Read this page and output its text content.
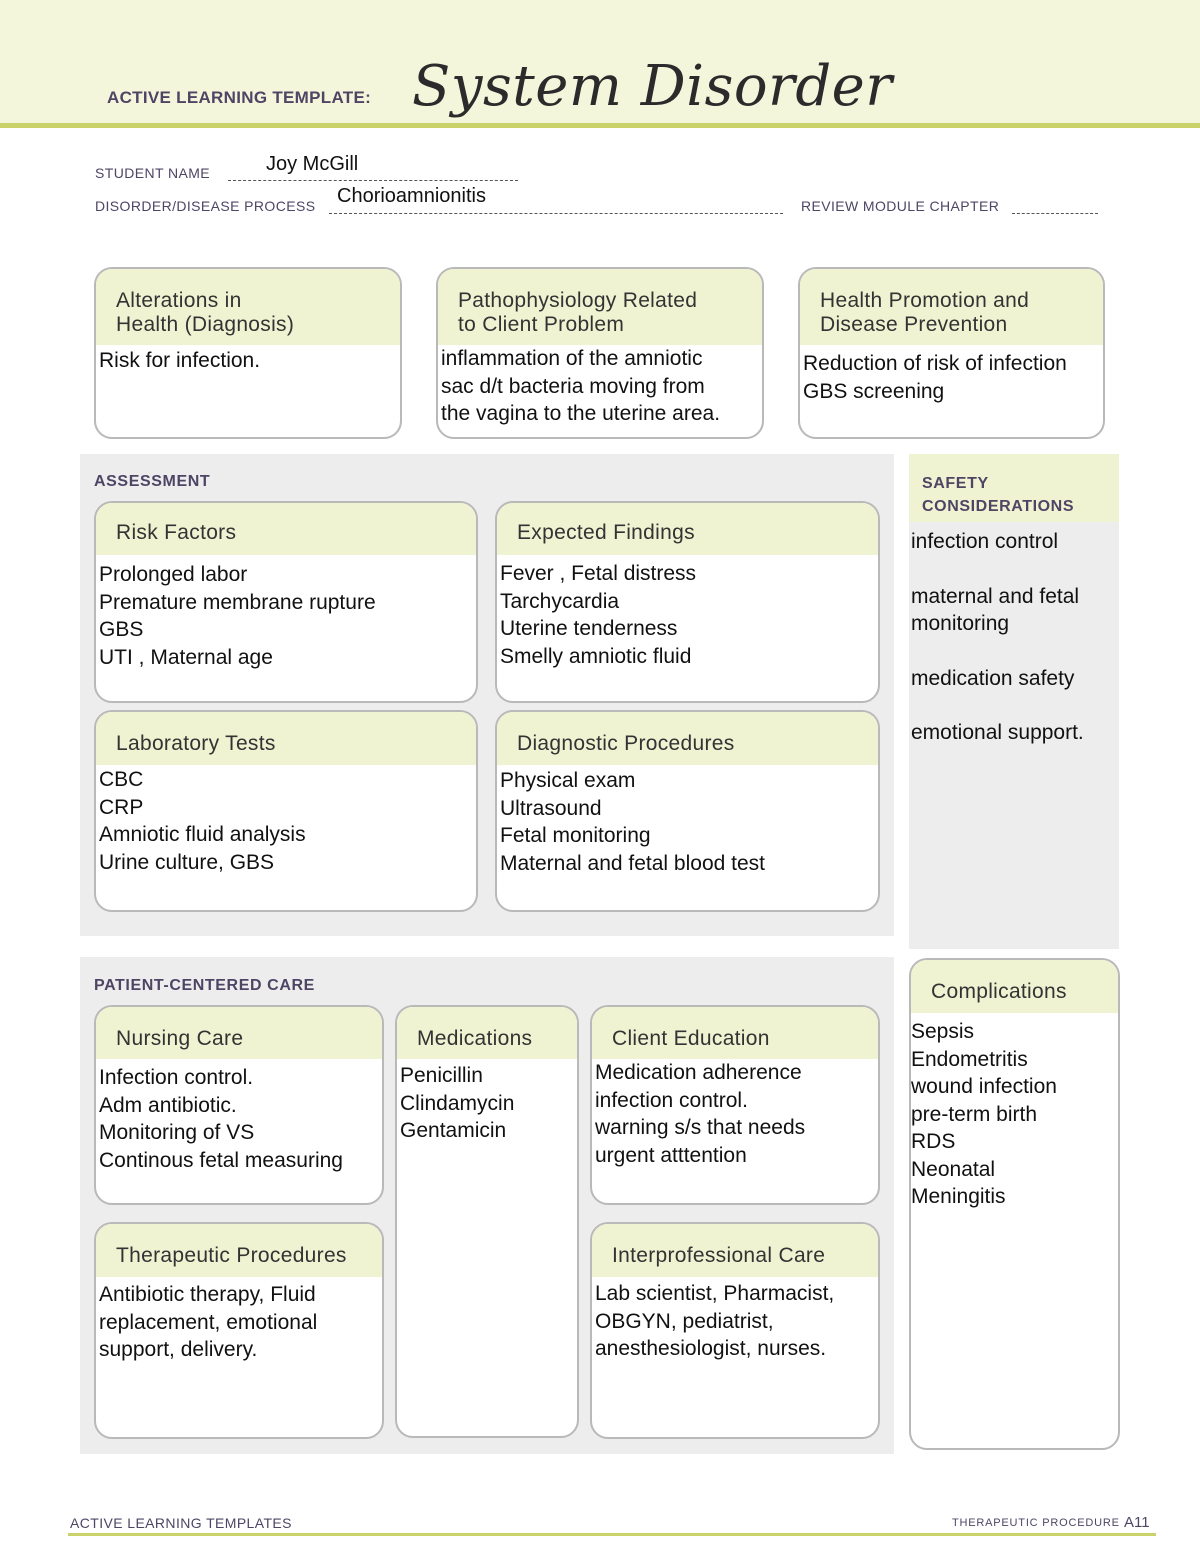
ACTIVE LEARNING TEMPLATE: System Disorder
STUDENT NAME	Joy McGill
DISORDER/DISEASE PROCESS Chorioamnionitis	REVIEW MODULE CHAPTER
Alterations in
Health (Diagnosis)
Risk for infection.
Pathophysiology Related
to Client Problem
inflammation of the amniotic
sac d/t bacteria moving from
the vagina to the uterine area.
Health Promotion and
Disease Prevention
Reduction of risk of infection
GBS screening
ASSESSMENT
Risk Factors
Prolonged labor
Premature membrane rupture
GBS
UTI , Maternal age
Expected Findings
Fever , Fetal distress
Tarchycardia
Uterine tenderness
Smelly amniotic fluid
Laboratory Tests
CBC
CRP
Amniotic fluid analysis
Urine culture, GBS
Diagnostic Procedures
Physical exam
Ultrasound
Fetal monitoring
Maternal and fetal blood test
SAFETY
CONSIDERATIONS
infection control
maternal and fetal
monitoring
medication safety
emotional support.
PATIENT-CENTERED CARE
Nursing Care
Infection control.
Adm antibiotic.
Monitoring of VS
Continous fetal measuring
Medications
Penicillin
Clindamycin
Gentamicin
Client Education
Medication adherence
infection control.
warning s/s that needs
urgent atttention
Therapeutic Procedures
Antibiotic therapy, Fluid
replacement, emotional
support, delivery.
Interprofessional Care
Lab scientist, Pharmacist,
OBGYN, pediatrist,
anesthesiologist, nurses.
Complications
Sepsis
Endometritis
wound infection
pre-term birth
RDS
Neonatal
Meningitis
ACTIVE LEARNING TEMPLATES	THERAPEUTIC PROCEDURE A11
